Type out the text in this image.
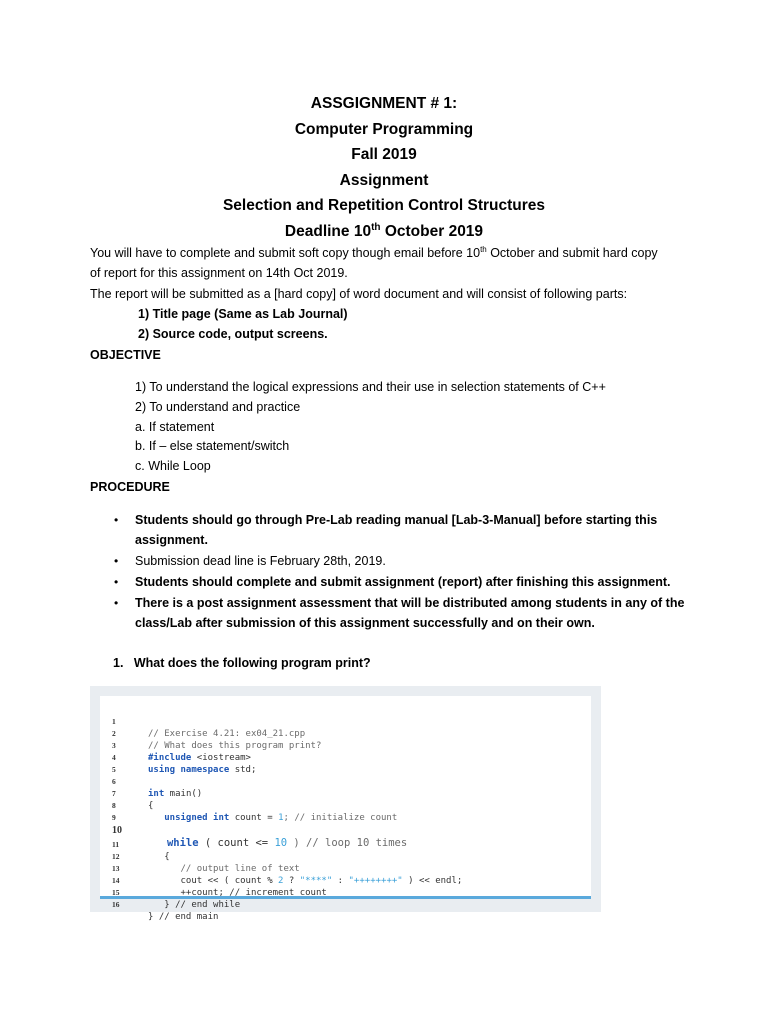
ASSGIGNMENT # 1:
Computer Programming
Fall 2019
Assignment
Selection and Repetition Control Structures
Deadline 10th October 2019
You will have to complete and submit soft copy though email before 10th October and submit hard copy
of report for this assignment on 14th Oct 2019.
The report will be submitted as a [hard copy] of word document and will consist of following parts:
1) Title page (Same as Lab Journal)
2) Source code, output screens.
OBJECTIVE
1) To understand the logical expressions and their use in selection statements of C++
2) To understand and practice
a. If statement
b. If – else statement/switch
c. While Loop
PROCEDURE
• Students should go through Pre-Lab reading manual [Lab-3-Manual] before starting this
assignment.
• Submission dead line is February 28th, 2019.
• Students should complete and submit assignment (report) after finishing this assignment.
• There is a post assignment assessment that will be distributed among students in any of the
class/Lab after submission of this assignment successfully and on their own.
1.   What does the following program print?

1

// Exercise 4.21: ex04_21.cpp

2

// What does this program print?

3

#include <iostream>

4

using namespace std;

5

6

int main()

7

{

8

unsigned int count = 1; // initialize count

9

10

while ( count <= 10 ) // loop 10 times

11

{

12

// output line of text

13

cout << ( count % 2 ? "****" : "++++++++" ) << endl;

14

++count; // increment count

15

} // end while

16

} // end main
